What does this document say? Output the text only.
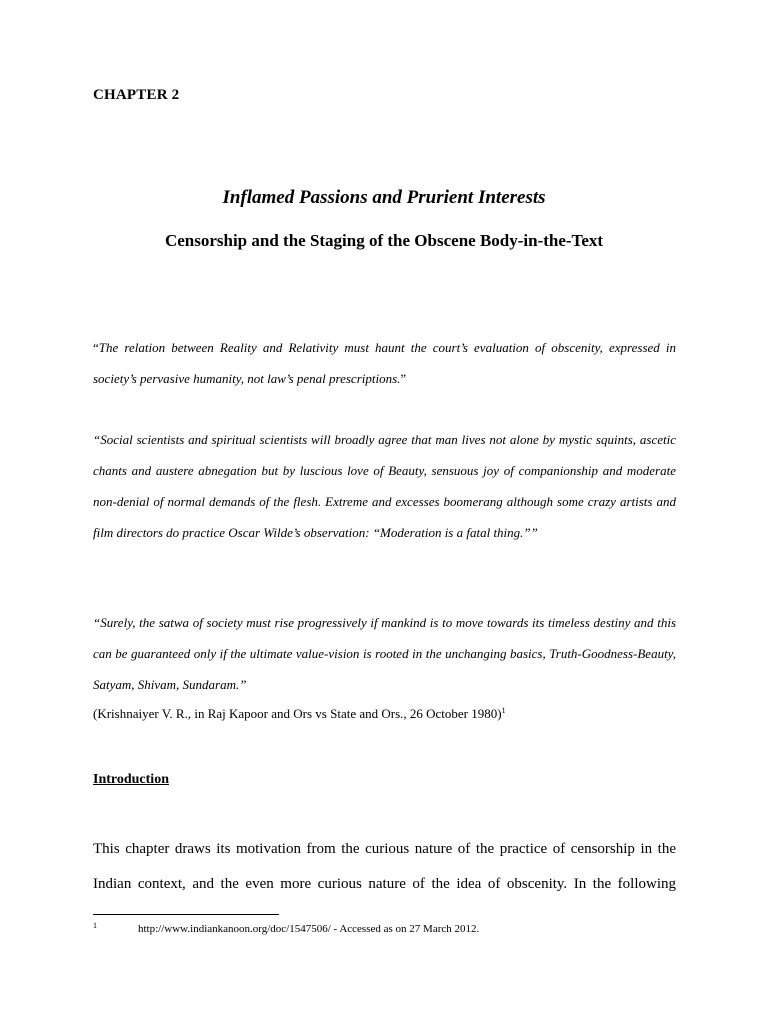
CHAPTER 2
Inflamed Passions and Prurient Interests
Censorship and the Staging of the Obscene Body-in-the-Text

“The relation between Reality and Relativity must haunt the court’s evaluation of obscenity, expressed in society’s pervasive humanity, not law’s penal prescriptions.”

“Social scientists and spiritual scientists will broadly agree that man lives not alone by mystic squints, ascetic chants and austere abnegation but by luscious love of Beauty, sensuous joy of companionship and moderate non-denial of normal demands of the flesh. Extreme and excesses boomerang although some crazy artists and film directors do practice Oscar Wilde’s observation: “Moderation is a fatal thing.””

“Surely, the satwa of society must rise progressively if mankind is to move towards its timeless destiny and this can be guaranteed only if the ultimate value-vision is rooted in the unchanging basics, Truth-Goodness-Beauty, Satyam, Shivam, Sundaram.”

(Krishnaiyer V. R., in Raj Kapoor and Ors vs State and Ors., 26 October 1980)$^1$
Introduction

This chapter draws its motivation from the curious nature of the practice of censorship in the Indian context, and the even more curious nature of the idea of obscenity. In the following

1	http://www.indiankanoon.org/doc/1547506/ - Accessed as on 27 March 2012.
